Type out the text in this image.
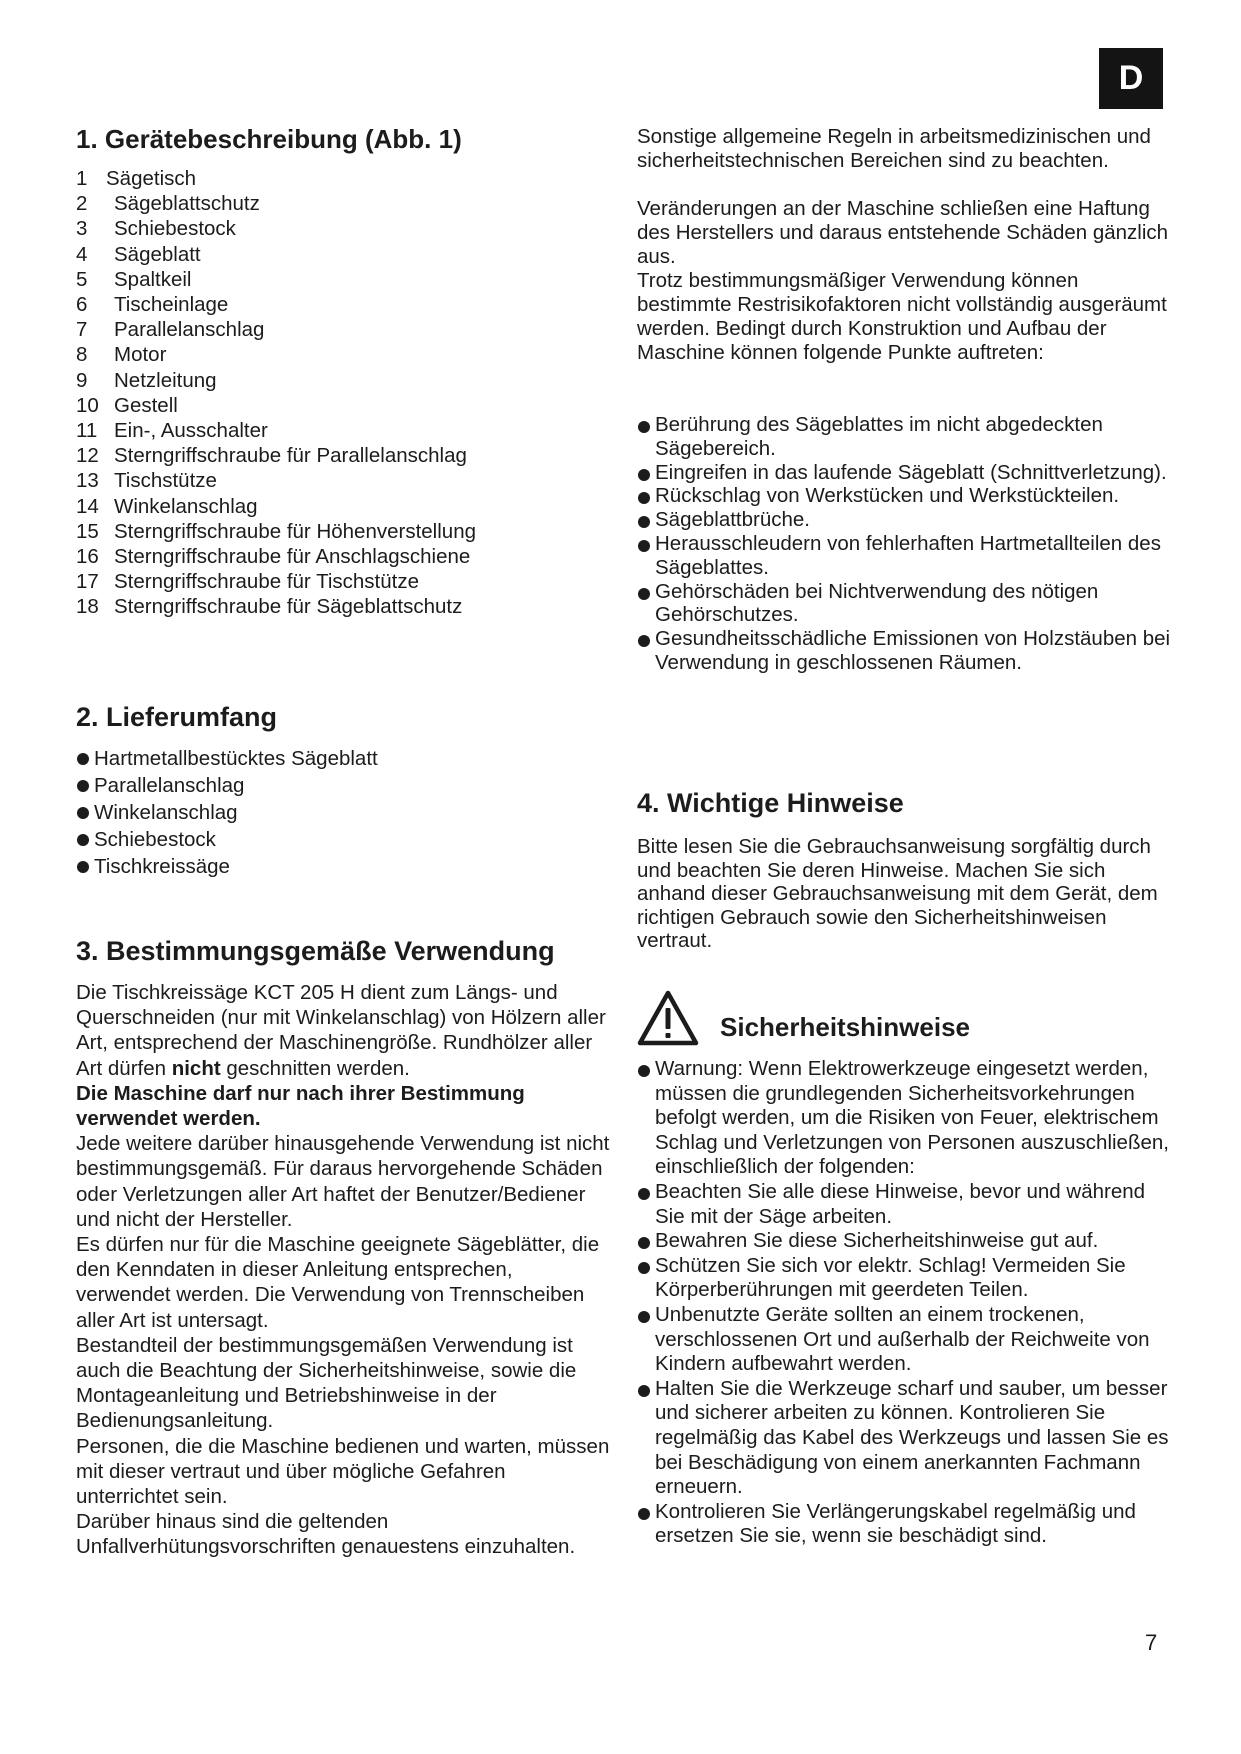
D
1. Gerätebeschreibung (Abb. 1)
1 Sägetisch
2 Sägeblattschutz
3 Schiebestock
4 Sägeblatt
5 Spaltkeil
6 Tischeinlage
7 Parallelanschlag
8 Motor
9 Netzleitung
10 Gestell
11 Ein-, Ausschalter
12 Sterngriffschraube für Parallelanschlag
13 Tischstütze
14 Winkelanschlag
15 Sterngriffschraube für Höhenverstellung
16 Sterngriffschraube für Anschlagschiene
17 Sterngriffschraube für Tischstütze
18 Sterngriffschraube für Sägeblattschutz
2. Lieferumfang
Hartmetallbestücktes Sägeblatt
Parallelanschlag
Winkelanschlag
Schiebestock
Tischkreissäge
3. Bestimmungsgemäße Verwendung

Die Tischkreissäge KCT 205 H dient zum Längs- und Querschneiden (nur mit Winkelanschlag) von Hölzern aller Art, entsprechend der Maschinengröße. Rundhölzer aller Art dürfen nicht geschnitten werden.

Die Maschine darf nur nach ihrer Bestimmung verwendet werden.

Jede weitere darüber hinausgehende Verwendung ist nicht bestimmungsgemäß. Für daraus hervorgehende Schäden oder Verletzungen aller Art haftet der Benutzer/Bediener und nicht der Hersteller.

Es dürfen nur für die Maschine geeignete Sägeblätter, die den Kenndaten in dieser Anleitung entsprechen, verwendet werden. Die Verwendung von Trennscheiben aller Art ist untersagt.

Bestandteil der bestimmungsgemäßen Verwendung ist auch die Beachtung der Sicherheitshinweise, sowie die Montageanleitung und Betriebshinweise in der Bedienungsanleitung.

Personen, die die Maschine bedienen und warten, müssen mit dieser vertraut und über mögliche Gefahren unterrichtet sein.

Darüber hinaus sind die geltenden Unfallverhütungsvorschriften genauestens einzuhalten.

Sonstige allgemeine Regeln in arbeitsmedizinischen und sicherheitstechnischen Bereichen sind zu beachten.

Veränderungen an der Maschine schließen eine Haftung des Herstellers und daraus entstehende Schäden gänzlich aus.

Trotz bestimmungsmäßiger Verwendung können bestimmte Restrisikofaktoren nicht vollständig ausgeräumt werden. Bedingt durch Konstruktion und Aufbau der Maschine können folgende Punkte auftreten:

Berührung des Sägeblattes im nicht abgedeckten Sägebereich.
Eingreifen in das laufende Sägeblatt (Schnittverletzung).
Rückschlag von Werkstücken und Werkstückteilen.
Sägeblattbrüche.
Herausschleudern von fehlerhaften Hartmetallteilen des Sägeblattes.
Gehörschäden bei Nichtverwendung des nötigen Gehörschutzes.
Gesundheitsschädliche Emissionen von Holzstäuben bei Verwendung in geschlossenen Räumen.
4. Wichtige Hinweise

Bitte lesen Sie die Gebrauchsanweisung sorgfältig durch und beachten Sie deren Hinweise. Machen Sie sich anhand dieser Gebrauchsanweisung mit dem Gerät, dem richtigen Gebrauch sowie den Sicherheitshinweisen vertraut.

Sicherheitshinweise
Warnung: Wenn Elektrowerkzeuge eingesetzt werden, müssen die grundlegenden Sicherheitsvorkehrungen befolgt werden, um die Risiken von Feuer, elektrischem Schlag und Verletzungen von Personen auszuschließen, einschließlich der folgenden:
Beachten Sie alle diese Hinweise, bevor und während Sie mit der Säge arbeiten.
Bewahren Sie diese Sicherheitshinweise gut auf.
Schützen Sie sich vor elektr. Schlag! Vermeiden Sie Körperberührungen mit geerdeten Teilen.
Unbenutzte Geräte sollten an einem trockenen, verschlossenen Ort und außerhalb der Reichweite von Kindern aufbewahrt werden.
Halten Sie die Werkzeuge scharf und sauber, um besser und sicherer arbeiten zu können. Kontrolieren Sie regelmäßig das Kabel des Werkzeugs und lassen Sie es bei Beschädigung von einem anerkannten Fachmann erneuern.
Kontrolieren Sie Verlängerungskabel regelmäßig und ersetzen Sie sie, wenn sie beschädigt sind.
7
